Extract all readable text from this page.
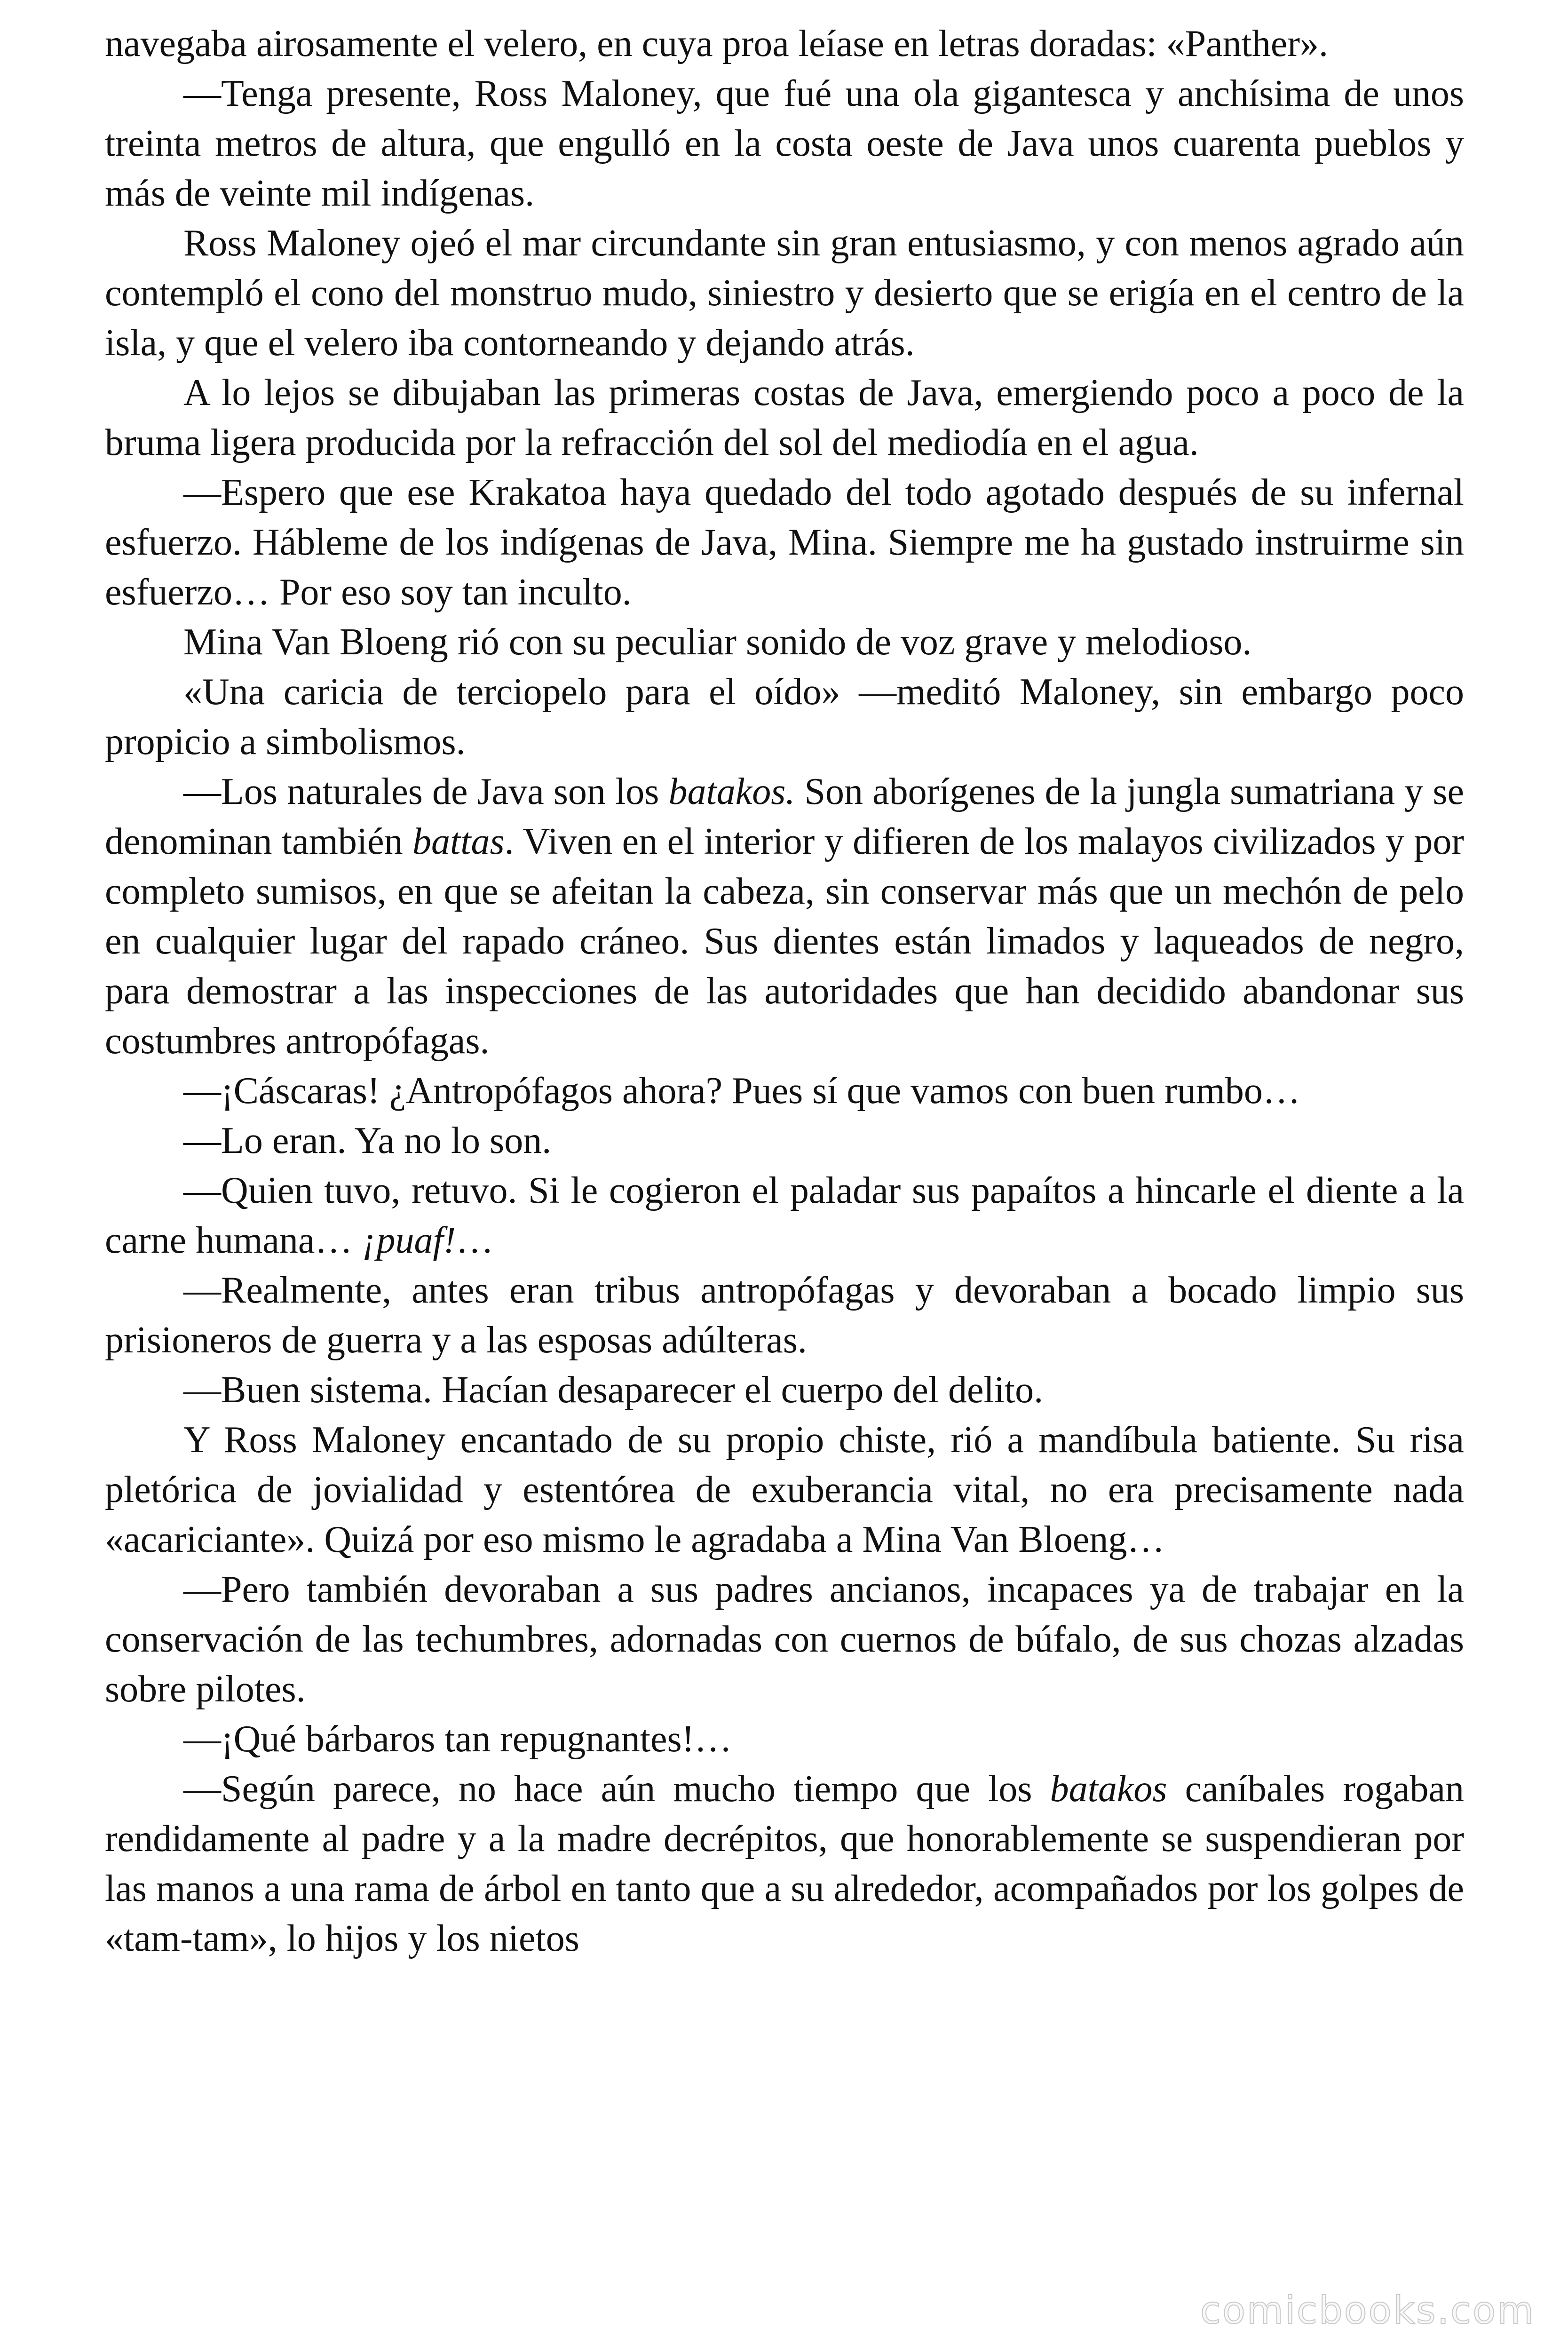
navegaba airosamente el velero, en cuya proa leíase en letras doradas: «Panther».

—Tenga presente, Ross Maloney, que fué una ola gigantesca y anchísima de unos treinta metros de altura, que engulló en la costa oeste de Java unos cuarenta pueblos y más de veinte mil indígenas.

Ross Maloney ojeó el mar circundante sin gran entusiasmo, y con menos agrado aún contempló el cono del monstruo mudo, siniestro y desierto que se erigía en el centro de la isla, y que el velero iba contorneando y dejando atrás.

A lo lejos se dibujaban las primeras costas de Java, emergiendo poco a poco de la bruma ligera producida por la refracción del sol del mediodía en el agua.

—Espero que ese Krakatoa haya quedado del todo agotado después de su infernal esfuerzo. Hábleme de los indígenas de Java, Mina. Siempre me ha gustado instruirme sin esfuerzo… Por eso soy tan inculto.

Mina Van Bloeng rió con su peculiar sonido de voz grave y melodioso.

«Una caricia de terciopelo para el oído» —meditó Maloney, sin embargo poco propicio a simbolismos.

—Los naturales de Java son los batakos. Son aborígenes de la jungla sumatriana y se denominan también battas. Viven en el interior y difieren de los malayos civilizados y por completo sumisos, en que se afeitan la cabeza, sin conservar más que un mechón de pelo en cualquier lugar del rapado cráneo. Sus dientes están limados y laqueados de negro, para demostrar a las inspecciones de las autoridades que han decidido abandonar sus costumbres antropófagas.

—¡Cáscaras! ¿Antropófagos ahora? Pues sí que vamos con buen rumbo…

—Lo eran. Ya no lo son.

—Quien tuvo, retuvo. Si le cogieron el paladar sus papaítos a hincarle el diente a la carne humana… ¡puaf!…

—Realmente, antes eran tribus antropófagas y devoraban a bocado limpio sus prisioneros de guerra y a las esposas adúlteras.

—Buen sistema. Hacían desaparecer el cuerpo del delito.

Y Ross Maloney encantado de su propio chiste, rió a mandíbula batiente. Su risa pletórica de jovialidad y estentórea de exuberancia vital, no era precisamente nada «acariciante». Quizá por eso mismo le agradaba a Mina Van Bloeng…

—Pero también devoraban a sus padres ancianos, incapaces ya de trabajar en la conservación de las techumbres, adornadas con cuernos de búfalo, de sus chozas alzadas sobre pilotes.

—¡Qué bárbaros tan repugnantes!…

—Según parece, no hace aún mucho tiempo que los batakos caníbales rogaban rendidamente al padre y a la madre decrépitos, que honorablemente se suspendieran por las manos a una rama de árbol en tanto que a su alrededor, acompañados por los golpes de «tam-tam», lo hijos y los nietos

comicbooks.com
